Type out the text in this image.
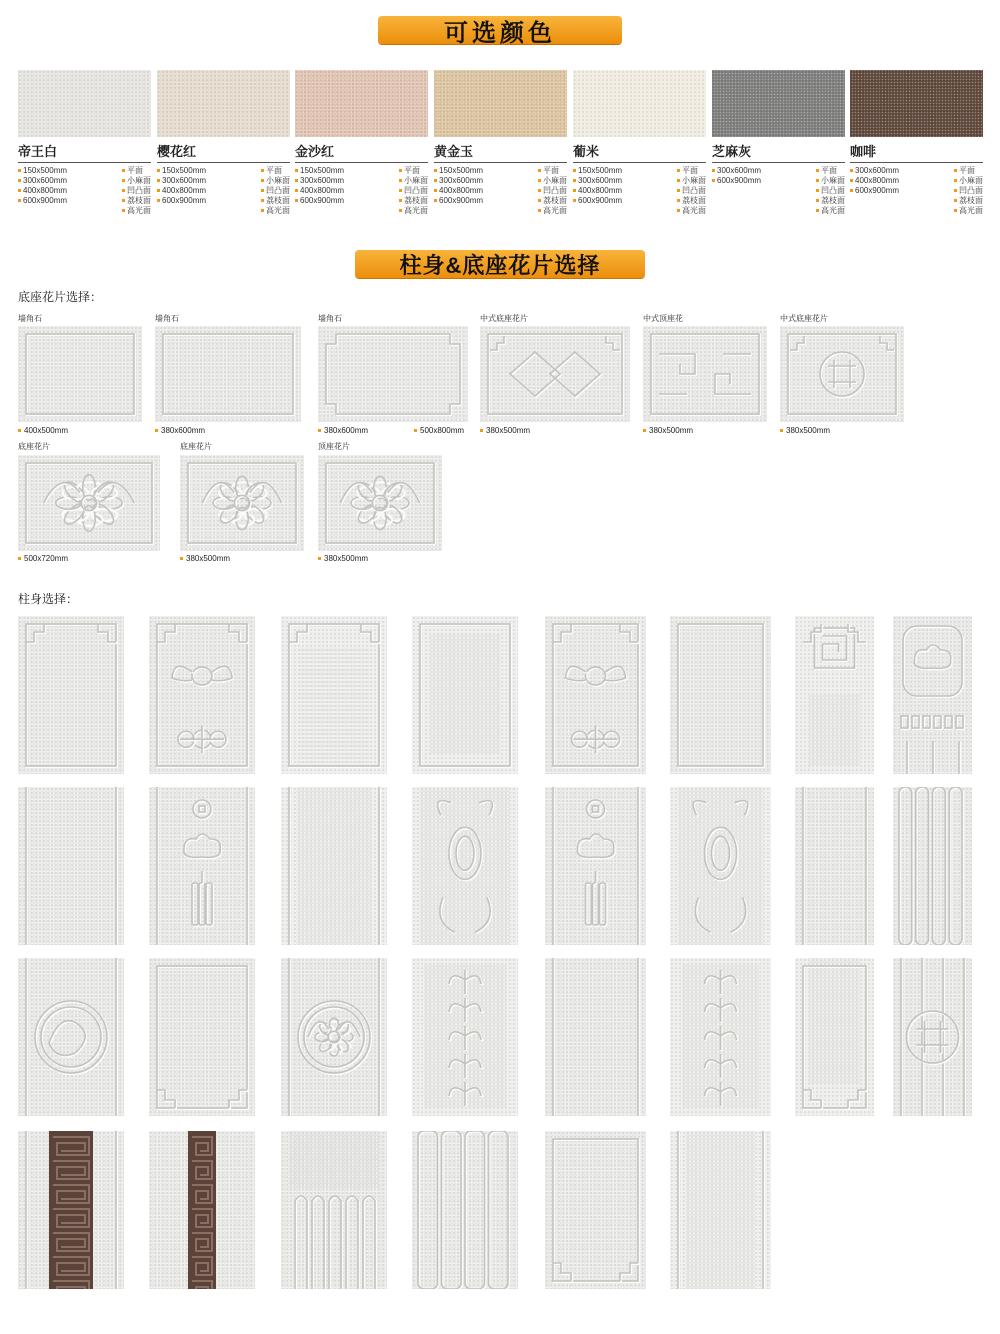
可选颜色
帝王白
150x500mm
300x600mm
400x800mm
600x900mm
平面
小麻面
凹凸面
荔枝面
高光面
樱花红
150x500mm
300x600mm
400x800mm
600x900mm
平面
小麻面
凹凸面
荔枝面
高光面
金沙红
150x500mm
300x600mm
400x800mm
600x900mm
平面
小麻面
凹凸面
荔枝面
高光面
黄金玉
150x500mm
300x600mm
400x800mm
600x900mm
平面
小麻面
凹凸面
荔枝面
高光面
葡米
150x500mm
300x600mm
400x800mm
600x900mm
平面
小麻面
凹凸面
荔枝面
高光面
芝麻灰
300x600mm
600x900mm
平面
小麻面
凹凸面
荔枝面
高光面
咖啡
300x600mm
400x800mm
600x900mm
平面
小麻面
凹凸面
荔枝面
高光面
柱身&底座花片选择
底座花片选择：
墙角石
400x500mm
墙角石
380x600mm
墙角石
380x600mm	500x800mm
中式底座花片
380x500mm
中式顶座花
380x500mm
中式底座花片
380x500mm
底座花片
500x720mm
底座花片
380x500mm
顶座花片
380x500mm
柱身选择：
